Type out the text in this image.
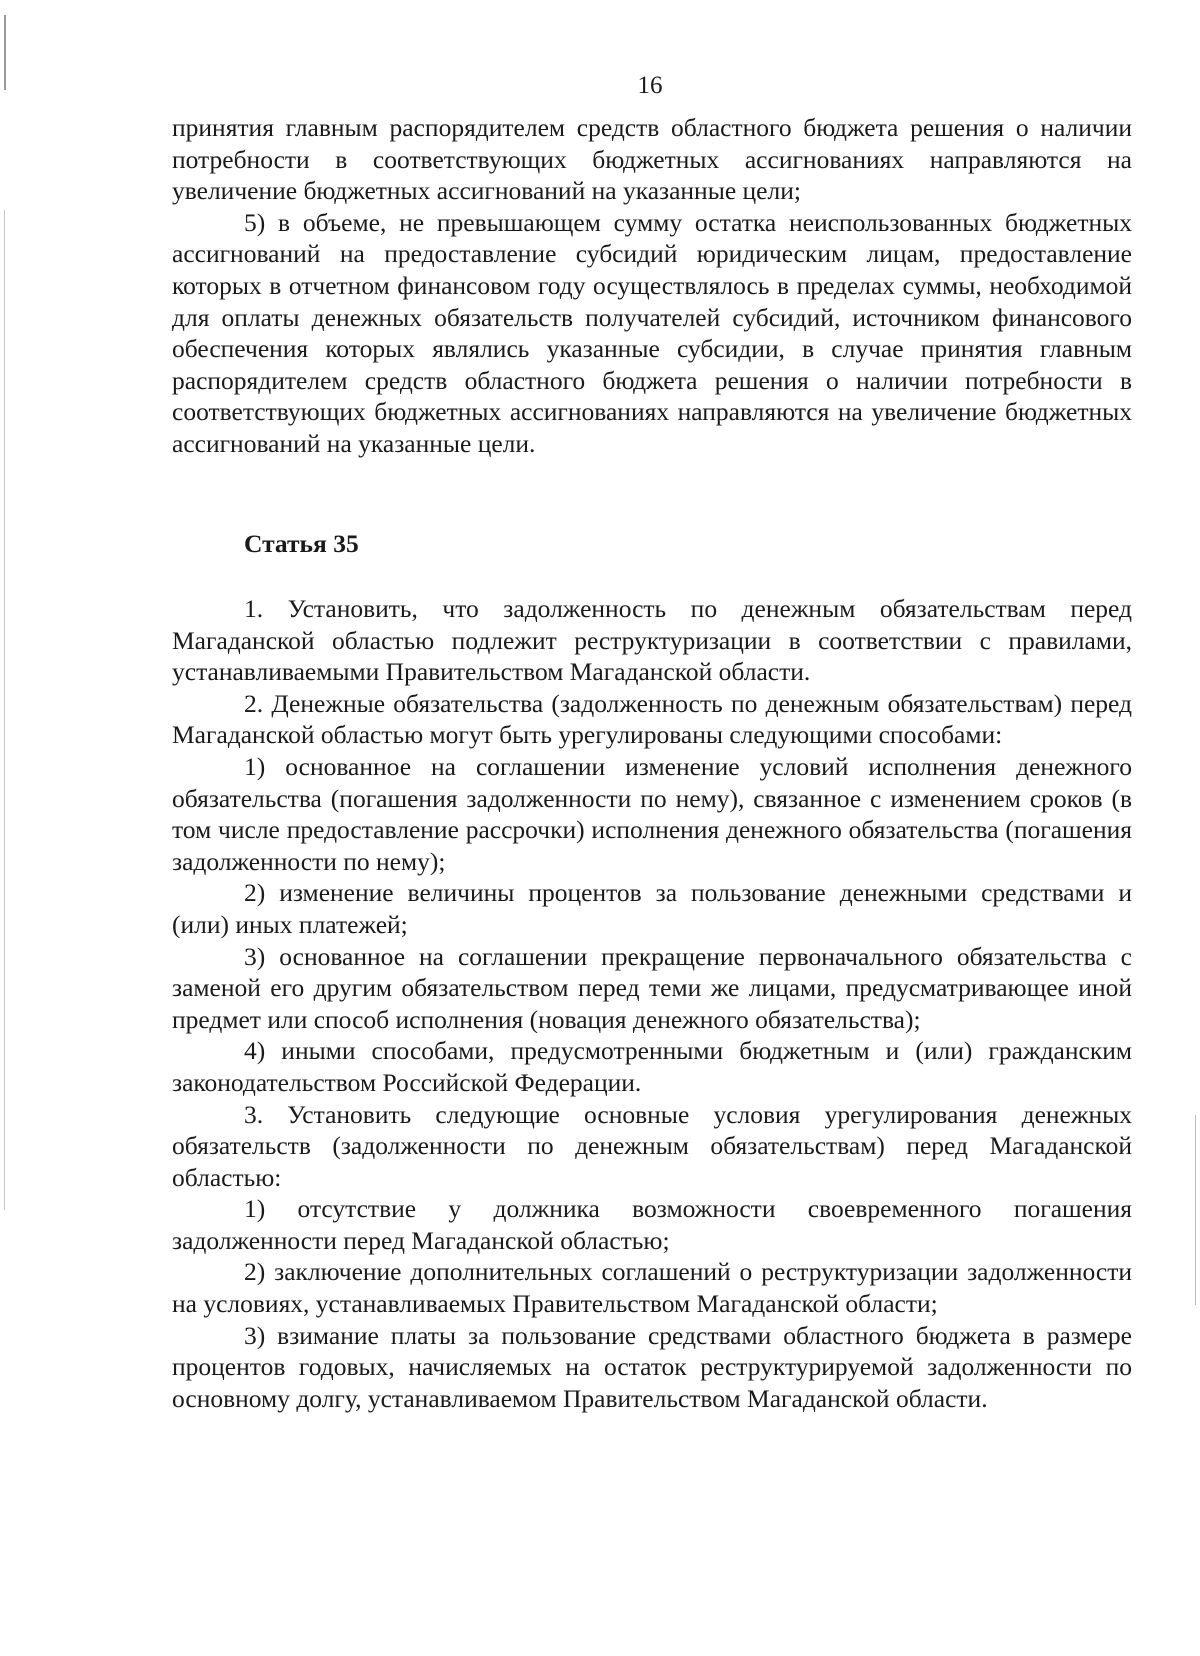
16

принятия главным распорядителем средств областного бюджета решения о наличии потребности в соответствующих бюджетных ассигнованиях направляются на увеличение бюджетных ассигнований на указанные цели;

5) в объеме, не превышающем сумму остатка неиспользованных бюджетных ассигнований на предоставление субсидий юридическим лицам, предоставление которых в отчетном финансовом году осуществлялось в пределах суммы, необходимой для оплаты денежных обязательств получателей субсидий, источником финансового обеспечения которых являлись указанные субсидии, в случае принятия главным распорядителем средств областного бюджета решения о наличии потребности в соответствующих бюджетных ассигнованиях направляются на увеличение бюджетных ассигнований на указанные цели.

Статья 35

1. Установить, что задолженность по денежным обязательствам перед Магаданской областью подлежит реструктуризации в соответствии с правилами, устанавливаемыми Правительством Магаданской области.

2. Денежные обязательства (задолженность по денежным обязательствам) перед Магаданской областью могут быть урегулированы следующими способами:

1) основанное на соглашении изменение условий исполнения денежного обязательства (погашения задолженности по нему), связанное с изменением сроков (в том числе предоставление рассрочки) исполнения денежного обязательства (погашения задолженности по нему);

2) изменение величины процентов за пользование денежными средствами и (или) иных платежей;

3) основанное на соглашении прекращение первоначального обязательства с заменой его другим обязательством перед теми же лицами, предусматривающее иной предмет или способ исполнения (новация денежного обязательства);

4) иными способами, предусмотренными бюджетным и (или) гражданским законодательством Российской Федерации.

3. Установить следующие основные условия урегулирования денежных обязательств (задолженности по денежным обязательствам) перед Магаданской областью:

1) отсутствие у должника возможности своевременного погашения задолженности перед Магаданской областью;

2) заключение дополнительных соглашений о реструктуризации задолженности на условиях, устанавливаемых Правительством Магаданской области;

3) взимание платы за пользование средствами областного бюджета в размере процентов годовых, начисляемых на остаток реструктурируемой задолженности по основному долгу, устанавливаемом Правительством Магаданской области.
